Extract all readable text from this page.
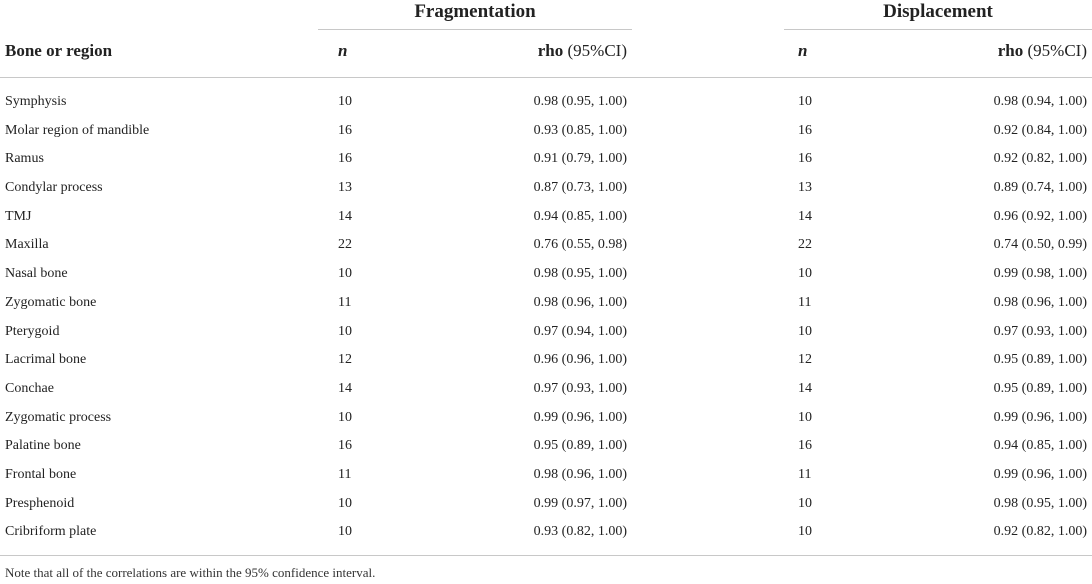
Fragmentation	Displacement
Bone or region	n	rho (95%CI)	n	rho (95%CI)
Symphysis	10	0.98 (0.95, 1.00)	10	0.98 (0.94, 1.00)
Molar region of mandible	16	0.93 (0.85, 1.00)	16	0.92 (0.84, 1.00)
Ramus	16	0.91 (0.79, 1.00)	16	0.92 (0.82, 1.00)
Condylar process	13	0.87 (0.73, 1.00)	13	0.89 (0.74, 1.00)
TMJ	14	0.94 (0.85, 1.00)	14	0.96 (0.92, 1.00)
Maxilla	22	0.76 (0.55, 0.98)	22	0.74 (0.50, 0.99)
Nasal bone	10	0.98 (0.95, 1.00)	10	0.99 (0.98, 1.00)
Zygomatic bone	11	0.98 (0.96, 1.00)	11	0.98 (0.96, 1.00)
Pterygoid	10	0.97 (0.94, 1.00)	10	0.97 (0.93, 1.00)
Lacrimal bone	12	0.96 (0.96, 1.00)	12	0.95 (0.89, 1.00)
Conchae	14	0.97 (0.93, 1.00)	14	0.95 (0.89, 1.00)
Zygomatic process	10	0.99 (0.96, 1.00)	10	0.99 (0.96, 1.00)
Palatine bone	16	0.95 (0.89, 1.00)	16	0.94 (0.85, 1.00)
Frontal bone	11	0.98 (0.96, 1.00)	11	0.99 (0.96, 1.00)
Presphenoid	10	0.99 (0.97, 1.00)	10	0.98 (0.95, 1.00)
Cribriform plate	10	0.93 (0.82, 1.00)	10	0.92 (0.82, 1.00)
Note that all of the correlations are within the 95% confidence interval.
